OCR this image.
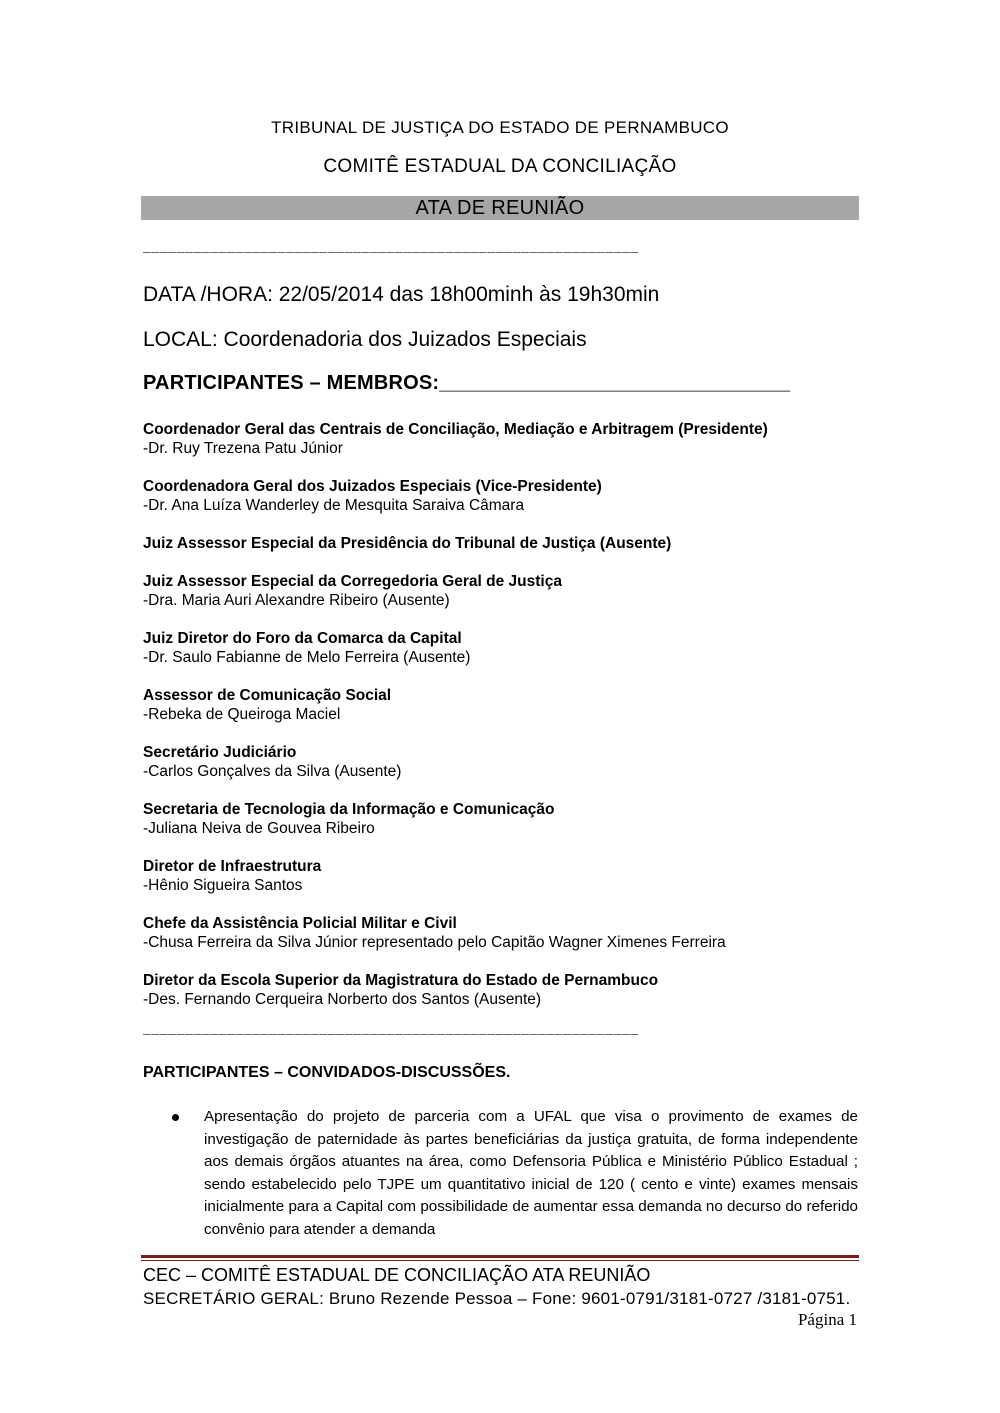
TRIBUNAL DE JUSTIÇA DO ESTADO DE PERNAMBUCO
COMITÊ ESTADUAL DA CONCILIAÇÃO
ATA DE REUNIÃO
___________________________________________________________
DATA /HORA: 22/05/2014 das 18h00minh às 19h30min
LOCAL: Coordenadoria dos Juizados Especiais
PARTICIPANTES – MEMBROS:_______________________________
Coordenador Geral das Centrais de Conciliação, Mediação e Arbitragem (Presidente)
-Dr. Ruy Trezena Patu Júnior
Coordenadora Geral dos Juizados Especiais (Vice-Presidente)
-Dr. Ana Luíza Wanderley de Mesquita Saraiva Câmara
Juiz Assessor Especial da Presidência do Tribunal de Justiça (Ausente)
Juiz Assessor Especial da Corregedoria Geral de Justiça
-Dra. Maria Auri Alexandre Ribeiro (Ausente)
Juiz Diretor do Foro da Comarca da Capital
-Dr. Saulo Fabianne de Melo Ferreira (Ausente)
Assessor de Comunicação Social
-Rebeka de Queiroga Maciel
Secretário Judiciário
-Carlos Gonçalves da Silva (Ausente)
Secretaria de Tecnologia da Informação e Comunicação
-Juliana Neiva de Gouvea Ribeiro
Diretor de Infraestrutura
-Hênio Sigueira Santos
Chefe da Assistência Policial Militar e Civil
-Chusa Ferreira da Silva Júnior representado pelo Capitão Wagner Ximenes Ferreira
Diretor da Escola Superior da Magistratura do Estado de Pernambuco
-Des. Fernando Cerqueira Norberto dos Santos (Ausente)
___________________________________________________________
PARTICIPANTES – CONVIDADOS-DISCUSSÕES.
Apresentação do projeto de parceria com a UFAL que visa o provimento de exames de investigação de paternidade às partes beneficiárias da justiça gratuita, de forma independente aos demais órgãos atuantes na área, como Defensoria Pública e Ministério Público Estadual ; sendo estabelecido pelo TJPE um quantitativo inicial de 120 ( cento e vinte) exames mensais inicialmente para a Capital com possibilidade de aumentar essa demanda no decurso do referido convênio para atender a demanda
CEC – COMITÊ ESTADUAL DE CONCILIAÇÃO ATA REUNIÃO
SECRETÁRIO GERAL: Bruno Rezende Pessoa – Fone: 9601-0791/3181-0727 /3181-0751.
Página 1
